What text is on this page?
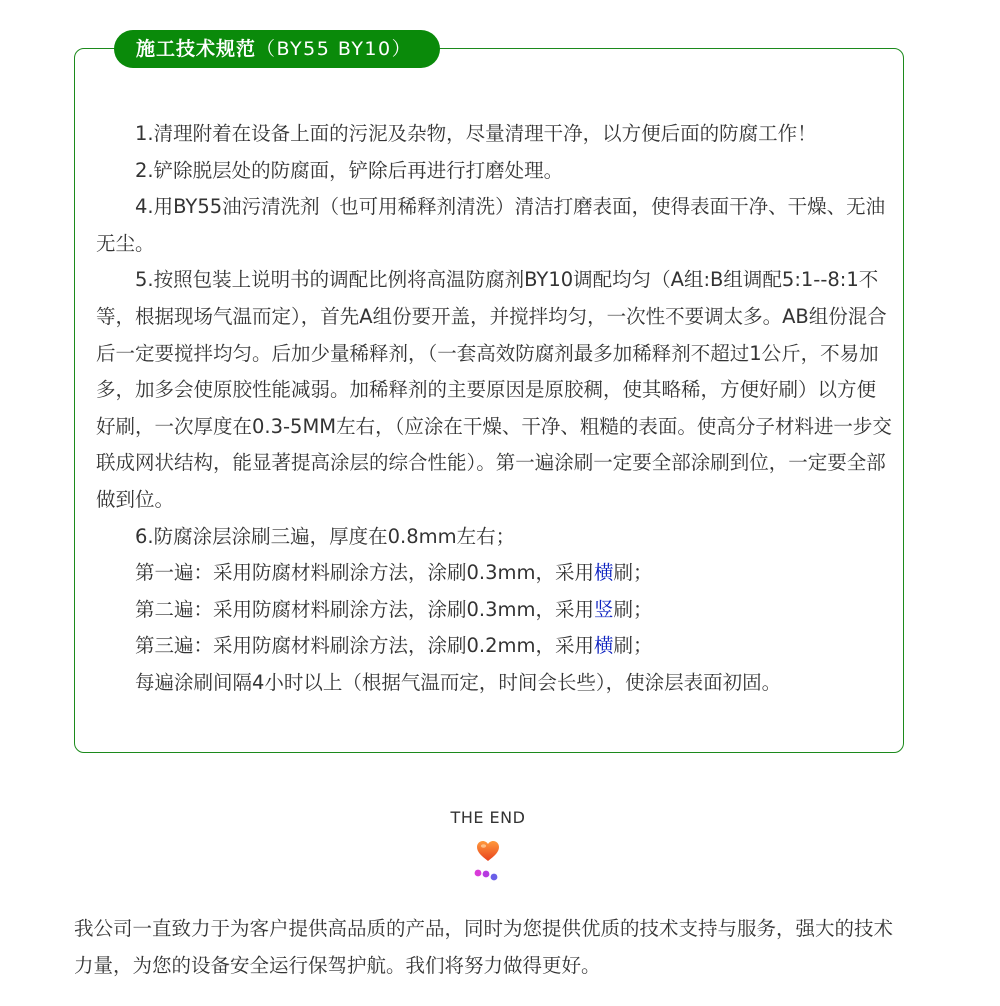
施工技术规范（BY55 BY10）

1.清理附着在设备上面的污泥及杂物，尽量清理干净，以方便后面的防腐工作！

2.铲除脱层处的防腐面，铲除后再进行打磨处理。

4.用BY55油污清洗剂（也可用稀释剂清洗）清洁打磨表面，使得表面干净、干燥、无油无尘。

5.按照包装上说明书的调配比例将高温防腐剂BY10调配均匀（A组:B组调配5:1--8:1不等，根据现场气温而定），首先A组份要开盖，并搅拌均匀，一次性不要调太多。AB组份混合后一定要搅拌均匀。后加少量稀释剂，（一套高效防腐剂最多加稀释剂不超过1公斤，不易加多，加多会使原胶性能减弱。加稀释剂的主要原因是原胶稠，使其略稀，方便好刷）以方便好刷，一次厚度在0.3-5MM左右，（应涂在干燥、干净、粗糙的表面。使高分子材料进一步交联成网状结构，能显著提高涂层的综合性能）。第一遍涂刷一定要全部涂刷到位，一定要全部做到位。

6.防腐涂层涂刷三遍，厚度在0.8mm左右；

第一遍：采用防腐材料刷涂方法，涂刷0.3mm，采用横刷；

第二遍：采用防腐材料刷涂方法，涂刷0.3mm，采用竖刷；

第三遍：采用防腐材料刷涂方法，涂刷0.2mm，采用横刷；

每遍涂刷间隔4小时以上（根据气温而定，时间会长些），使涂层表面初固。

THE END
我公司一直致力于为客户提供高品质的产品，同时为您提供优质的技术支持与服务，强大的技术力量，为您的设备安全运行保驾护航。我们将努力做得更好。
